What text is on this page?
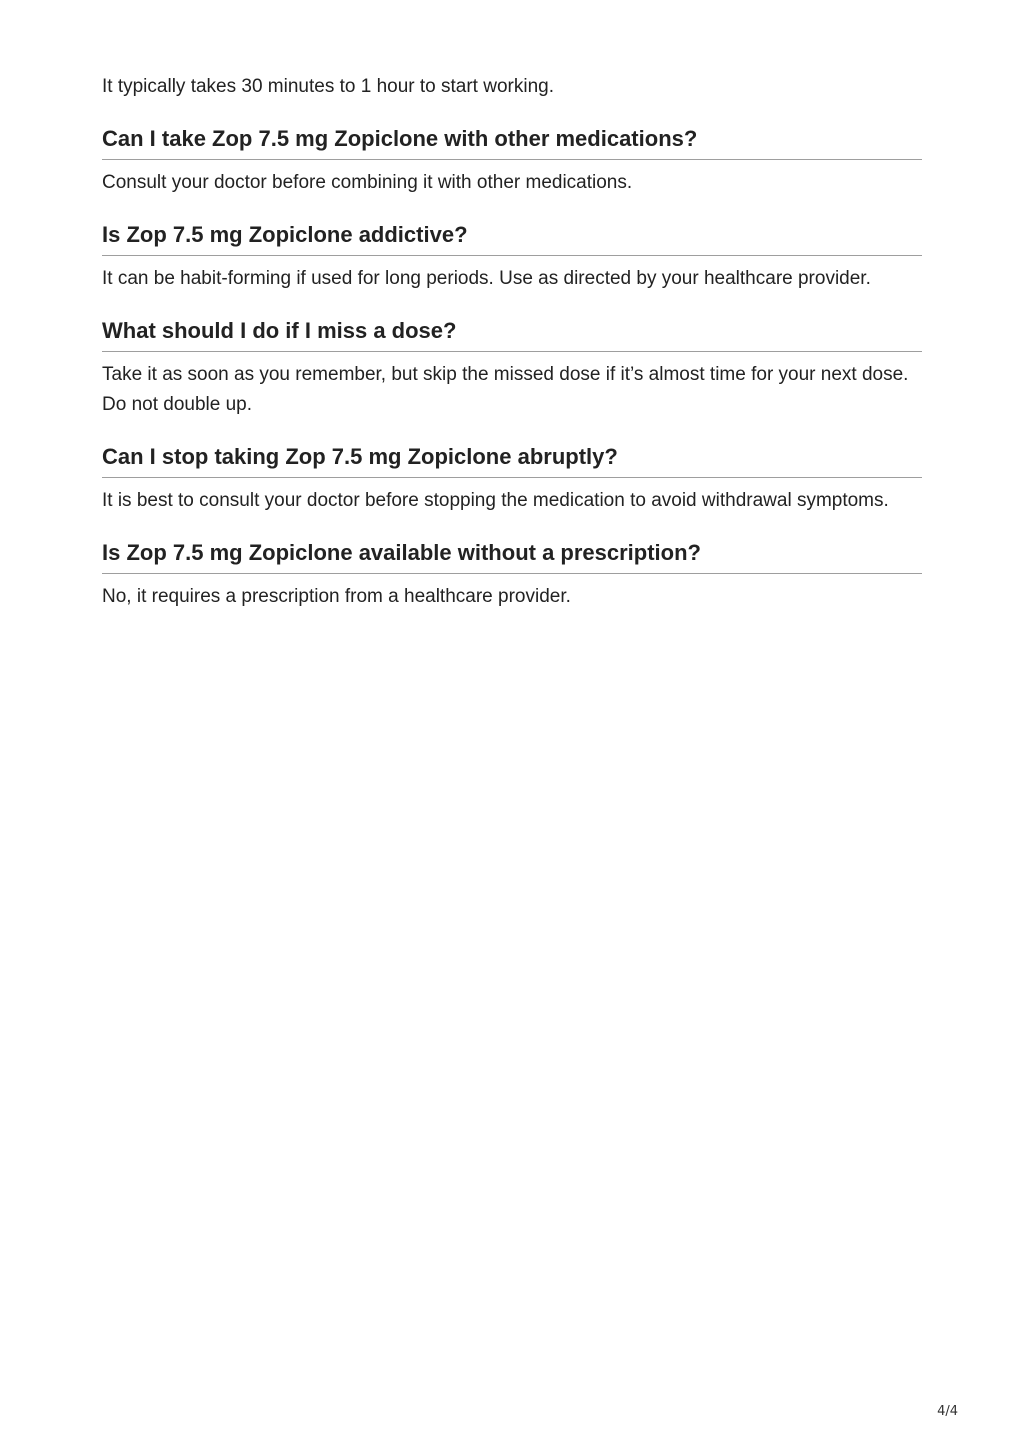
It typically takes 30 minutes to 1 hour to start working.

Can I take Zop 7.5 mg Zopiclone with other medications?

Consult your doctor before combining it with other medications.

Is Zop 7.5 mg Zopiclone addictive?

It can be habit-forming if used for long periods. Use as directed by your healthcare provider.

What should I do if I miss a dose?

Take it as soon as you remember, but skip the missed dose if it’s almost time for your next dose. Do not double up.

Can I stop taking Zop 7.5 mg Zopiclone abruptly?

It is best to consult your doctor before stopping the medication to avoid withdrawal symptoms.

Is Zop 7.5 mg Zopiclone available without a prescription?

No, it requires a prescription from a healthcare provider.

4/4
